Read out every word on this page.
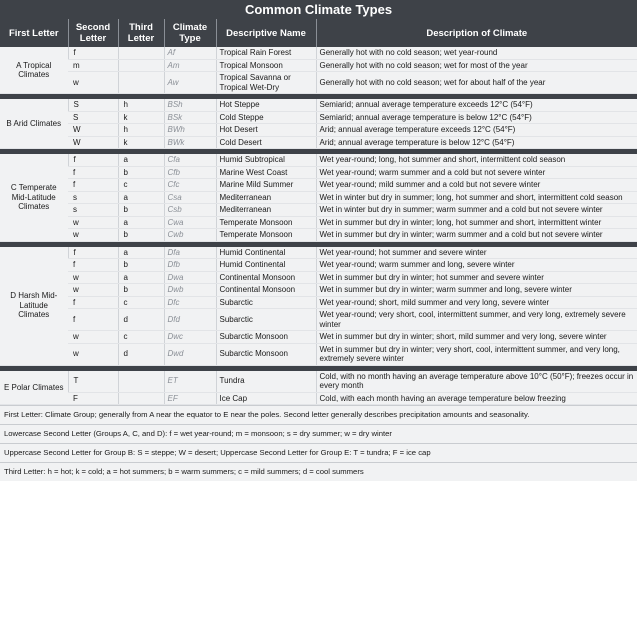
Common Climate Types
First Letter	Second Letter	Third Letter	Climate Type	Descriptive Name	Description of Climate
A Tropical Climates	f		Af	Tropical Rain Forest	Generally hot with no cold season; wet year-round
	m		Am	Tropical Monsoon	Generally hot with no cold season; wet for most of the year
	w		Aw	Tropical Savanna or Tropical Wet-Dry	Generally hot with no cold season; wet for about half of the year

B Arid Climates	S	h	BSh	Hot Steppe	Semiarid; annual average temperature exceeds 12°C (54°F)
	S	k	BSk	Cold Steppe	Semiarid; annual average temperature is below 12°C (54°F)
	W	h	BWh	Hot Desert	Arid; annual average temperature exceeds 12°C (54°F)
	W	k	BWk	Cold Desert	Arid; annual average temperature is below 12°C (54°F)

C Temperate Mid-Latitude Climates	f	a	Cfa	Humid Subtropical	Wet year-round; long, hot summer and short, intermittent cold season
	f	b	Cfb	Marine West Coast	Wet year-round; warm summer and a cold but not severe winter
	f	c	Cfc	Marine Mild Summer	Wet year-round; mild summer and a cold but not severe winter
	s	a	Csa	Mediterranean	Wet in winter but dry in summer; long, hot summer and short, intermittent cold season
	s	b	Csb	Mediterranean	Wet in winter but dry in summer; warm summer and a cold but not severe winter
	w	a	Cwa	Temperate Monsoon	Wet in summer but dry in winter; long, hot summer and short, intermittent winter
	w	b	Cwb	Temperate Monsoon	Wet in summer but dry in winter; warm summer and a cold but not severe winter

D Harsh Mid-Latitude Climates	f	a	Dfa	Humid Continental	Wet year-round; hot summer and severe winter
	f	b	Dfb	Humid Continental	Wet year-round; warm summer and long, severe winter
	w	a	Dwa	Continental Monsoon	Wet in summer but dry in winter; hot summer and severe winter
	w	b	Dwb	Continental Monsoon	Wet in summer but dry in winter; warm summer and long, severe winter
	f	c	Dfc	Subarctic	Wet year-round; short, mild summer and very long, severe winter
	f	d	Dfd	Subarctic	Wet year-round; very short, cool, intermittent summer, and very long, extremely severe winter
	w	c	Dwc	Subarctic Monsoon	Wet in summer but dry in winter; short, mild summer and very long, severe winter
	w	d	Dwd	Subarctic Monsoon	Wet in summer but dry in winter; very short, cool, intermittent summer, and very long, extremely severe winter

E Polar Climates	T		ET	Tundra	Cold, with no month having an average temperature above 10°C (50°F); freezes occur in every month
	F		EF	Ice Cap	Cold, with each month having an average temperature below freezing
First Letter: Climate Group; generally from A near the equator to E near the poles. Second letter generally describes precipitation amounts and seasonality.
Lowercase Second Letter (Groups A, C, and D): f = wet year-round; m = monsoon; s = dry summer; w = dry winter
Uppercase Second Letter for Group B: S = steppe; W = desert; Uppercase Second Letter for Group E: T = tundra; F = ice cap
Third Letter: h = hot; k = cold; a = hot summers; b = warm summers; c = mild summers; d = cool summers
